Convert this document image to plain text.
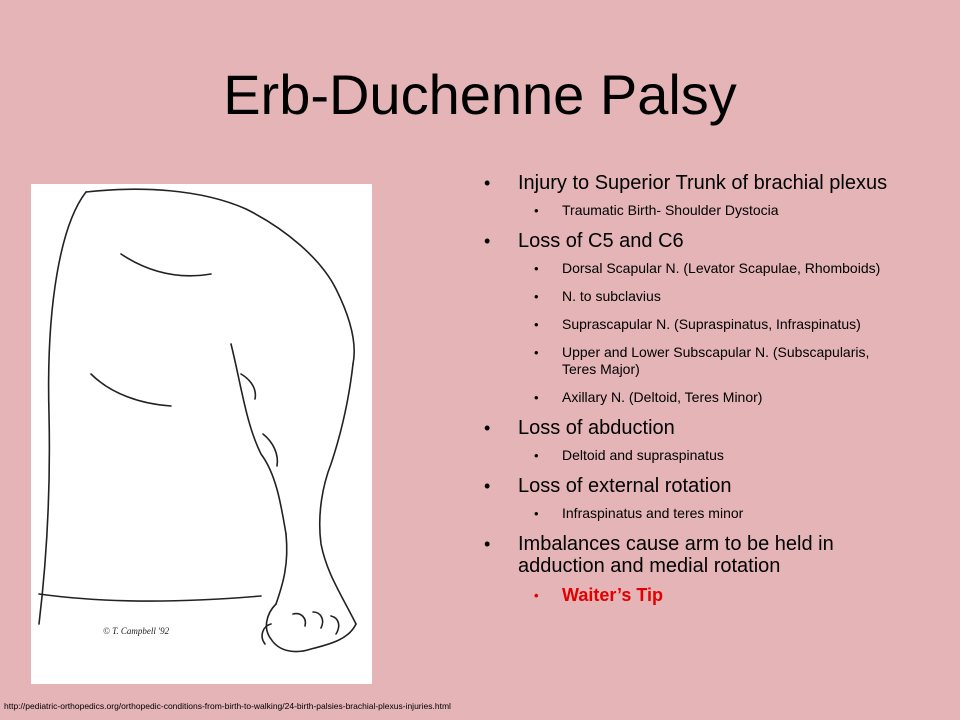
Erb-Duchenne Palsy
© T. Campbell '92
• Injury to Superior Trunk of brachial plexus
• Traumatic Birth- Shoulder Dystocia
• Loss of C5 and C6
• Dorsal Scapular N. (Levator Scapulae, Rhomboids)
• N. to subclavius
• Suprascapular N. (Supraspinatus, Infraspinatus)
• Upper and Lower Subscapular N. (Subscapularis, Teres Major)
• Axillary N. (Deltoid, Teres Minor)
• Loss of abduction
• Deltoid and supraspinatus
• Loss of external rotation
• Infraspinatus and teres minor
• Imbalances cause arm to be held in adduction and medial rotation
• Waiter’s Tip
http://pediatric-orthopedics.org/orthopedic-conditions-from-birth-to-walking/24-birth-palsies-brachial-plexus-injuries.html
